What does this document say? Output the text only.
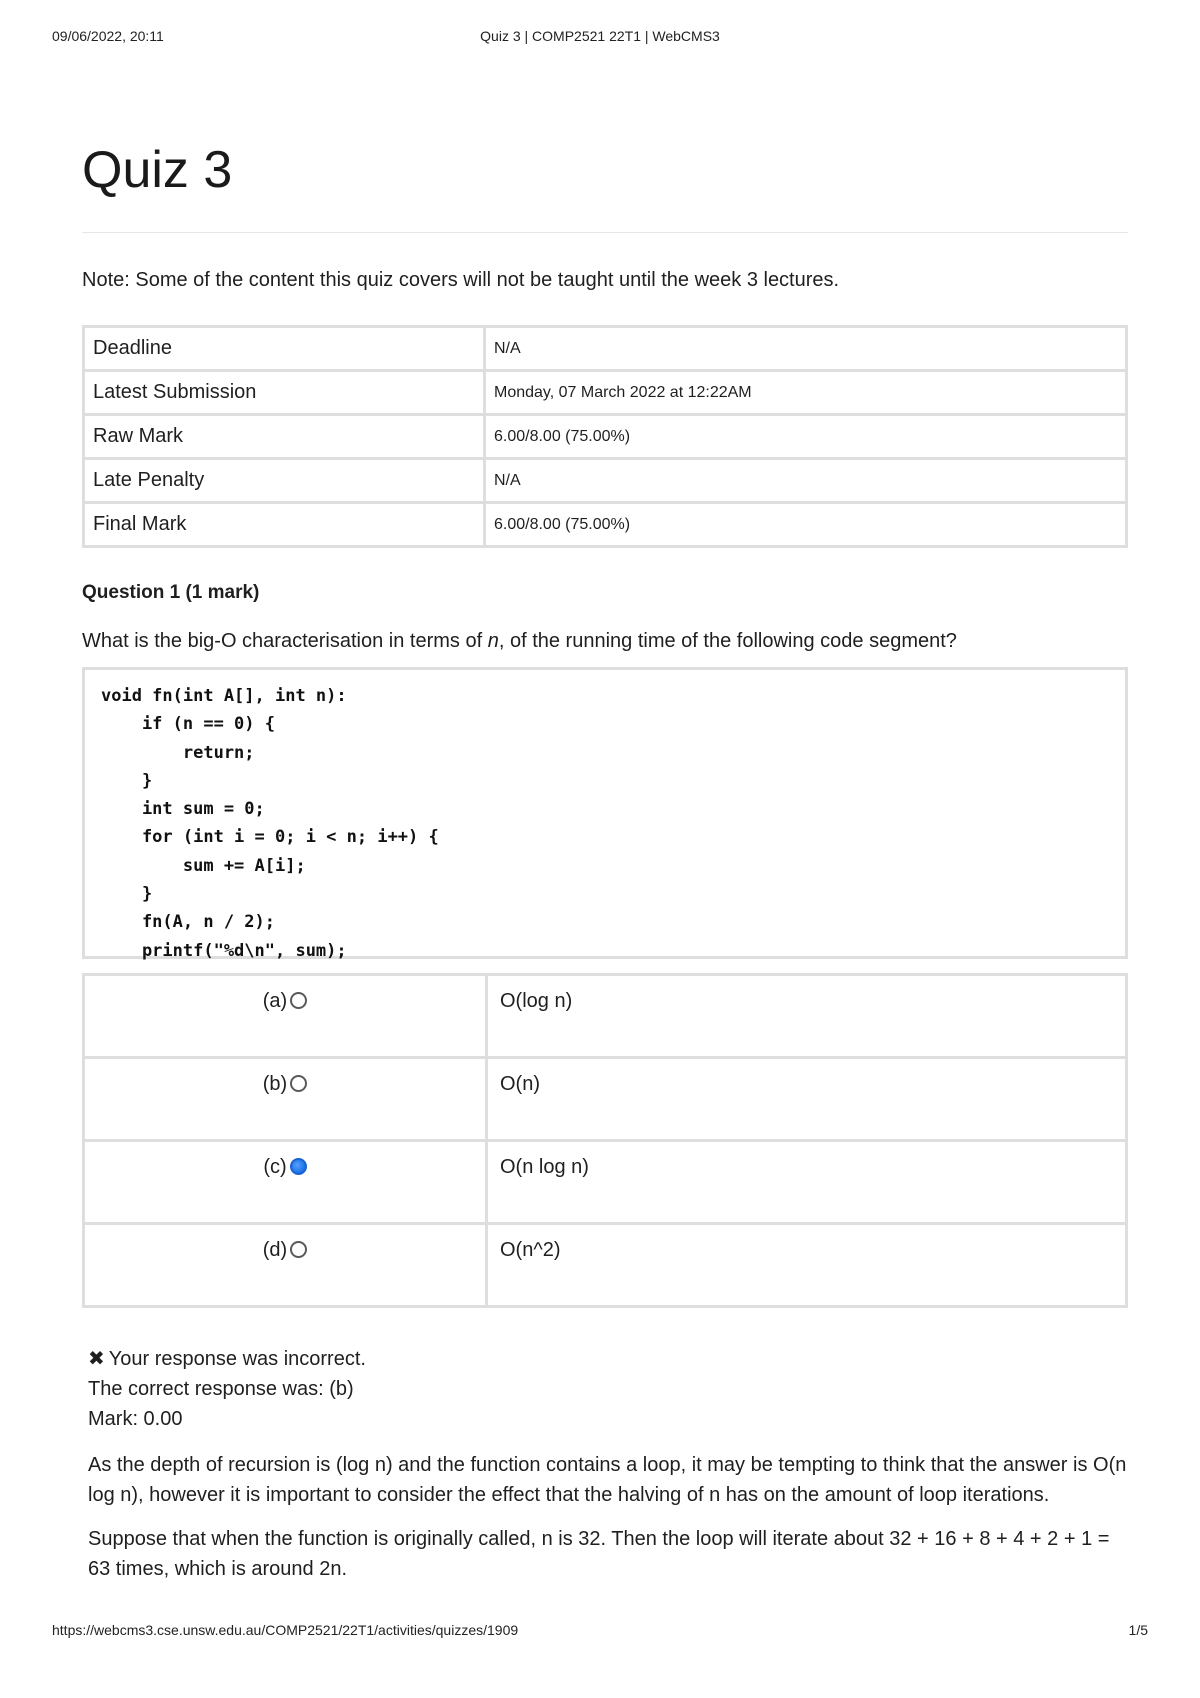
09/06/2022, 20:11	Quiz 3 | COMP2521 22T1 | WebCMS3
Quiz 3
Note: Some of the content this quiz covers will not be taught until the week 3 lectures.
Deadline	N/A
Latest Submission	Monday, 07 March 2022 at 12:22AM
Raw Mark	6.00/8.00 (75.00%)
Late Penalty	N/A
Final Mark	6.00/8.00 (75.00%)
Question 1 (1 mark)
What is the big-O characterisation in terms of n, of the running time of the following code segment?
void fn(int A[], int n):
if (n == 0) {
return;
}
int sum = 0;
for (int i = 0; i < n; i++) {
sum += A[i];
}
fn(A, n / 2);
printf("%d\n", sum);
(a)	O(log n)
(b)	O(n)
(c)	O(n log n)
(d)	O(n^2)
✖ Your response was incorrect.
The correct response was: (b)
Mark: 0.00

As the depth of recursion is (log n) and the function contains a loop, it may be tempting to think that the answer is O(n log n), however it is important to consider the effect that the halving of n has on the amount of loop iterations.

Suppose that when the function is originally called, n is 32. Then the loop will iterate about 32 + 16 + 8 + 4 + 2 + 1 = 63 times, which is around 2n.

https://webcms3.cse.unsw.edu.au/COMP2521/22T1/activities/quizzes/1909	1/5
